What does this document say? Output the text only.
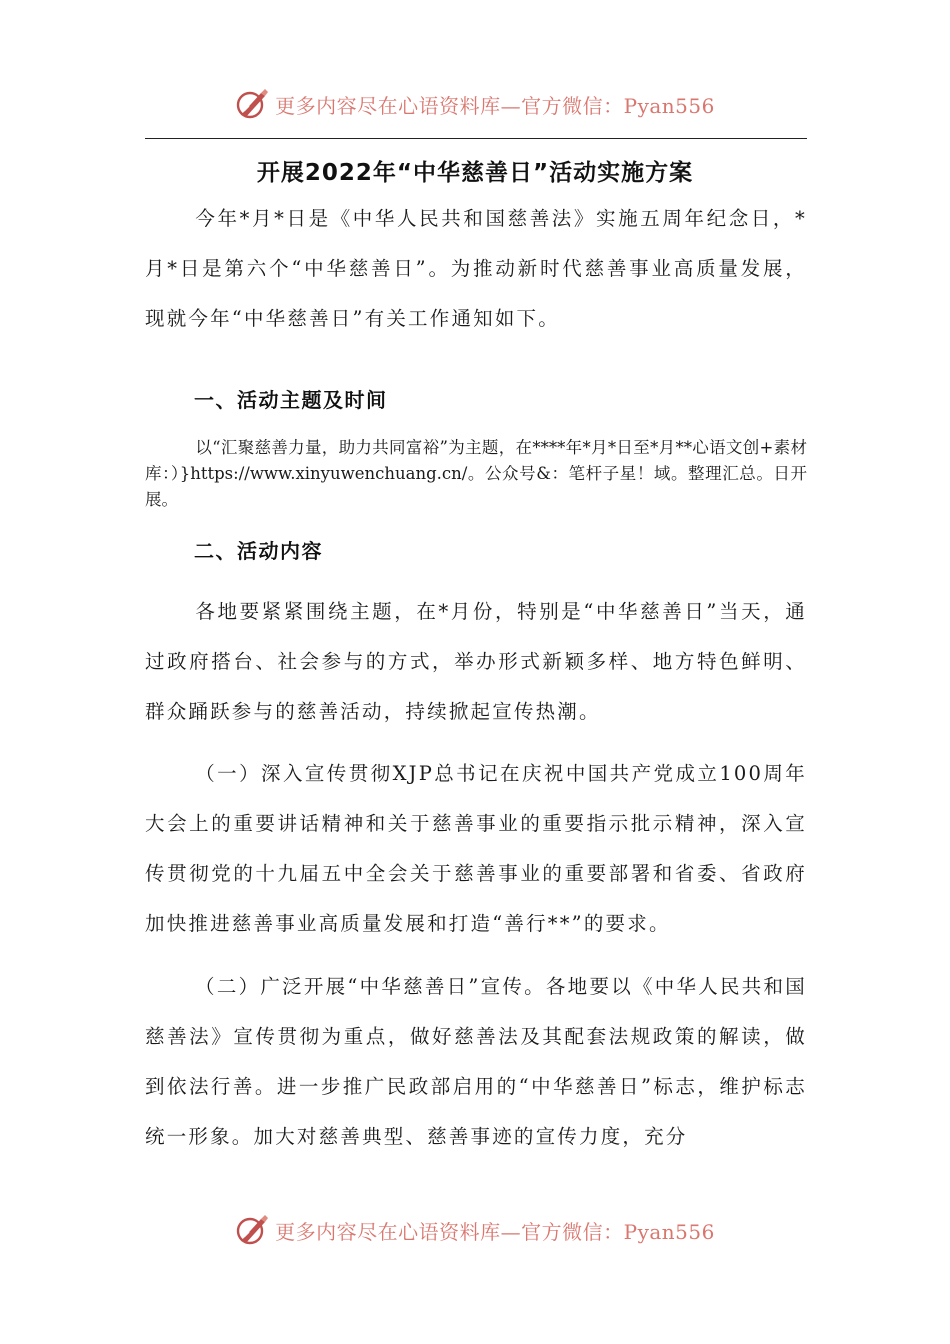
更多内容尽在心语资料库—官方微信：Pyan556
开展2022年“中华慈善日”活动实施方案
今年*月*日是《中华人民共和国慈善法》实施五周年纪念日，*月*日是第六个“中华慈善日”。为推动新时代慈善事业高质量发展，现就今年“中华慈善日”有关工作通知如下。
一、活动主题及时间
以“汇聚慈善力量，助力共同富裕”为主题，在****年*月*日至*月**心语文创+素材库：）}https://www.xinyuwenchuang.cn/。公众号&：笔杆子星！域。整理汇总。日开展。
二、活动内容
各地要紧紧围绕主题，在*月份，特别是“中华慈善日”当天，通过政府搭台、社会参与的方式，举办形式新颖多样、地方特色鲜明、群众踊跃参与的慈善活动，持续掀起宣传热潮。
（一）深入宣传贯彻XJP总书记在庆祝中国共产党成立100周年大会上的重要讲话精神和关于慈善事业的重要指示批示精神，深入宣传贯彻党的十九届五中全会关于慈善事业的重要部署和省委、省政府加快推进慈善事业高质量发展和打造“善行**”的要求。
（二）广泛开展“中华慈善日”宣传。各地要以《中华人民共和国慈善法》宣传贯彻为重点，做好慈善法及其配套法规政策的解读，做到依法行善。进一步推广民政部启用的“中华慈善日”标志，维护标志统一形象。加大对慈善典型、慈善事迹的宣传力度，充分
更多内容尽在心语资料库—官方微信：Pyan556
